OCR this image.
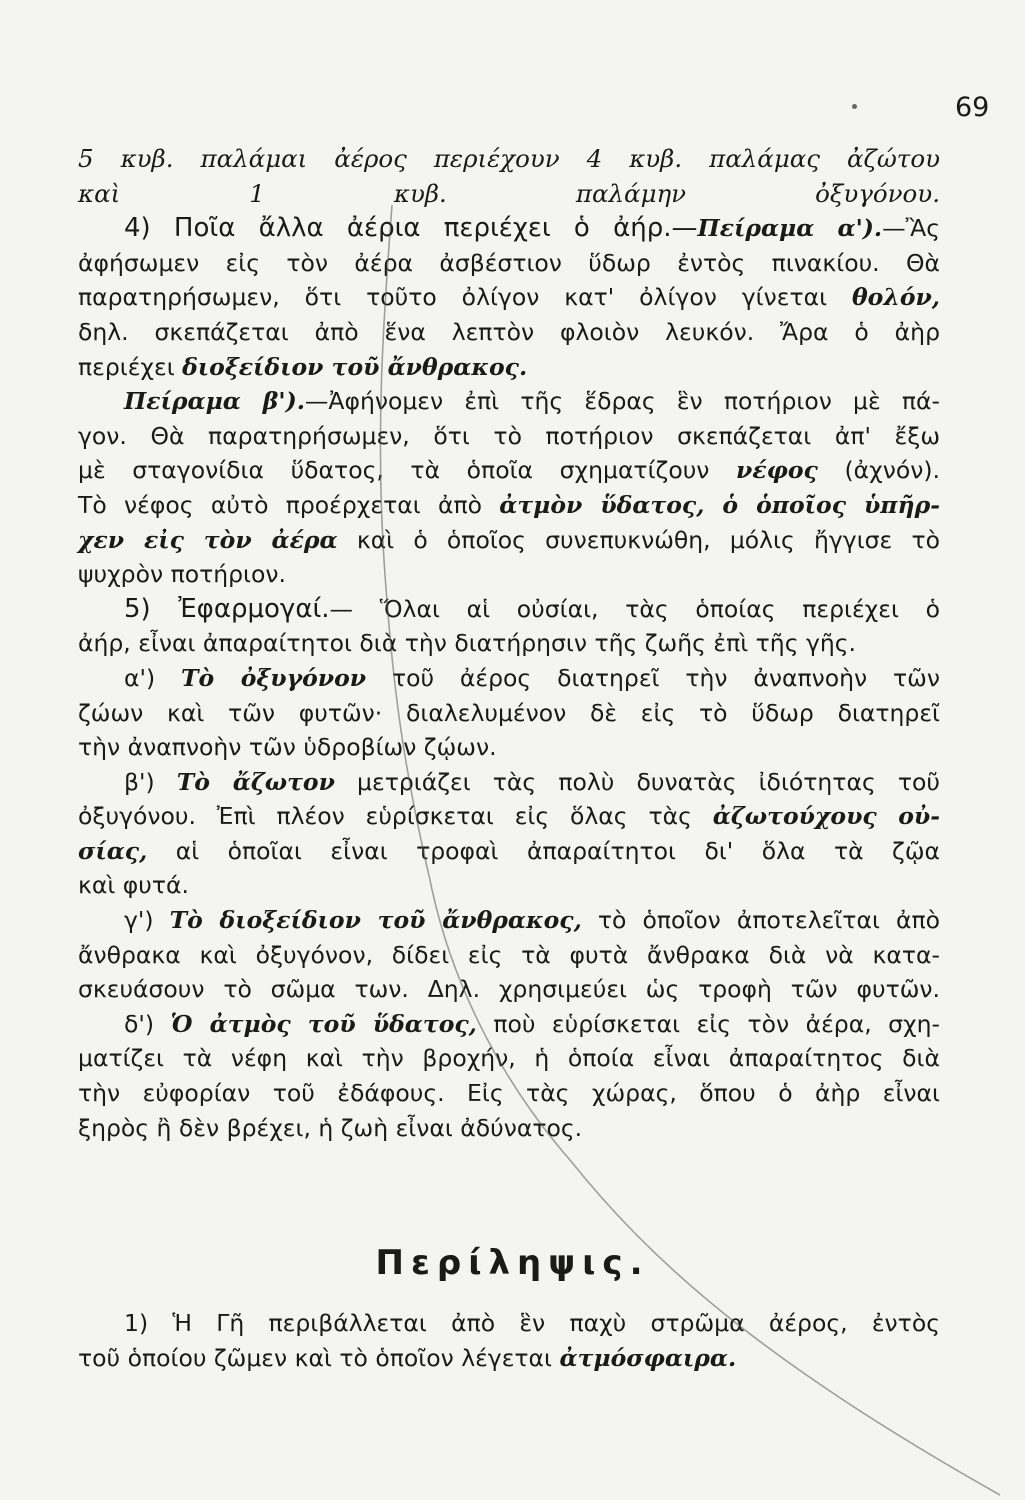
69
5 κυβ. παλάμαι ἀέρος περιέχουν 4 κυβ. παλάμας ἀζώτου
καὶ 1 κυβ. παλάμην ὀξυγόνου.
4) Ποῖα ἄλλα ἀέρια περιέχει ὁ ἀήρ.—Πείραμα α').—Ἂς
ἀφήσωμεν εἰς τὸν ἀέρα ἀσβέστιον ὕδωρ ἐντὸς πινακίου. Θὰ
παρατηρήσωμεν, ὅτι τοῦτο ὀλίγον κατ' ὀλίγον γίνεται θολόν,
δηλ. σκεπάζεται ἀπὸ ἕνα λεπτὸν φλοιὸν λευκόν. Ἄρα ὁ ἀὴρ
περιέχει διοξείδιον τοῦ ἄνθρακος.
Πείραμα β').—Ἀφήνομεν ἐπὶ τῆς ἕδρας ἓν ποτήριον μὲ πά-
γον. Θὰ παρατηρήσωμεν, ὅτι τὸ ποτήριον σκεπάζεται ἀπ' ἔξω
μὲ σταγονίδια ὕδατος, τὰ ὁποῖα σχηματίζουν νέφος (ἀχνόν).
Τὸ νέφος αὐτὸ προέρχεται ἀπὸ ἀτμὸν ὕδατος, ὁ ὁποῖος ὑπῆρ-
χεν εἰς τὸν ἀέρα καὶ ὁ ὁποῖος συνεπυκνώθη, μόλις ἤγγισε τὸ
ψυχρὸν ποτήριον.
5) Ἐφαρμογαί.— Ὅλαι αἱ οὐσίαι, τὰς ὁποίας περιέχει ὁ
ἀήρ, εἶναι ἀπαραίτητοι διὰ τὴν διατήρησιν τῆς ζωῆς ἐπὶ τῆς γῆς.
α') Τὸ ὀξυγόνον τοῦ ἀέρος διατηρεῖ τὴν ἀναπνοὴν τῶν
ζώων καὶ τῶν φυτῶν· διαλελυμένον δὲ εἰς τὸ ὕδωρ διατηρεῖ
τὴν ἀναπνοὴν τῶν ὑδροβίων ζῴων.
β') Τὸ ἄζωτον μετριάζει τὰς πολὺ δυνατὰς ἰδιότητας τοῦ
ὀξυγόνου. Ἐπὶ πλέον εὑρίσκεται εἰς ὅλας τὰς ἀζωτούχους οὐ-
σίας, αἱ ὁποῖαι εἶναι τροφαὶ ἀπαραίτητοι δι' ὅλα τὰ ζῷα
καὶ φυτά.
γ') Τὸ διοξείδιον τοῦ ἄνθρακος, τὸ ὁποῖον ἀποτελεῖται ἀπὸ
ἄνθρακα καὶ ὀξυγόνον, δίδει εἰς τὰ φυτὰ ἄνθρακα διὰ νὰ κατα-
σκευάσουν τὸ σῶμα των. Δηλ. χρησιμεύει ὡς τροφὴ τῶν φυτῶν.
δ') Ὁ ἀτμὸς τοῦ ὕδατος, ποὺ εὑρίσκεται εἰς τὸν ἀέρα, σχη-
ματίζει τὰ νέφη καὶ τὴν βροχήν, ἡ ὁποία εἶναι ἀπαραίτητος διὰ
τὴν εὐφορίαν τοῦ ἐδάφους. Εἰς τὰς χώρας, ὅπου ὁ ἀὴρ εἶναι
ξηρὸς ἢ δὲν βρέχει, ἡ ζωὴ εἶναι ἀδύνατος.
Περίληψις.
1) Ἡ Γῆ περιβάλλεται ἀπὸ ἓν παχὺ στρῶμα ἀέρος, ἐντὸς
τοῦ ὁποίου ζῶμεν καὶ τὸ ὁποῖον λέγεται ἀτμόσφαιρα.
